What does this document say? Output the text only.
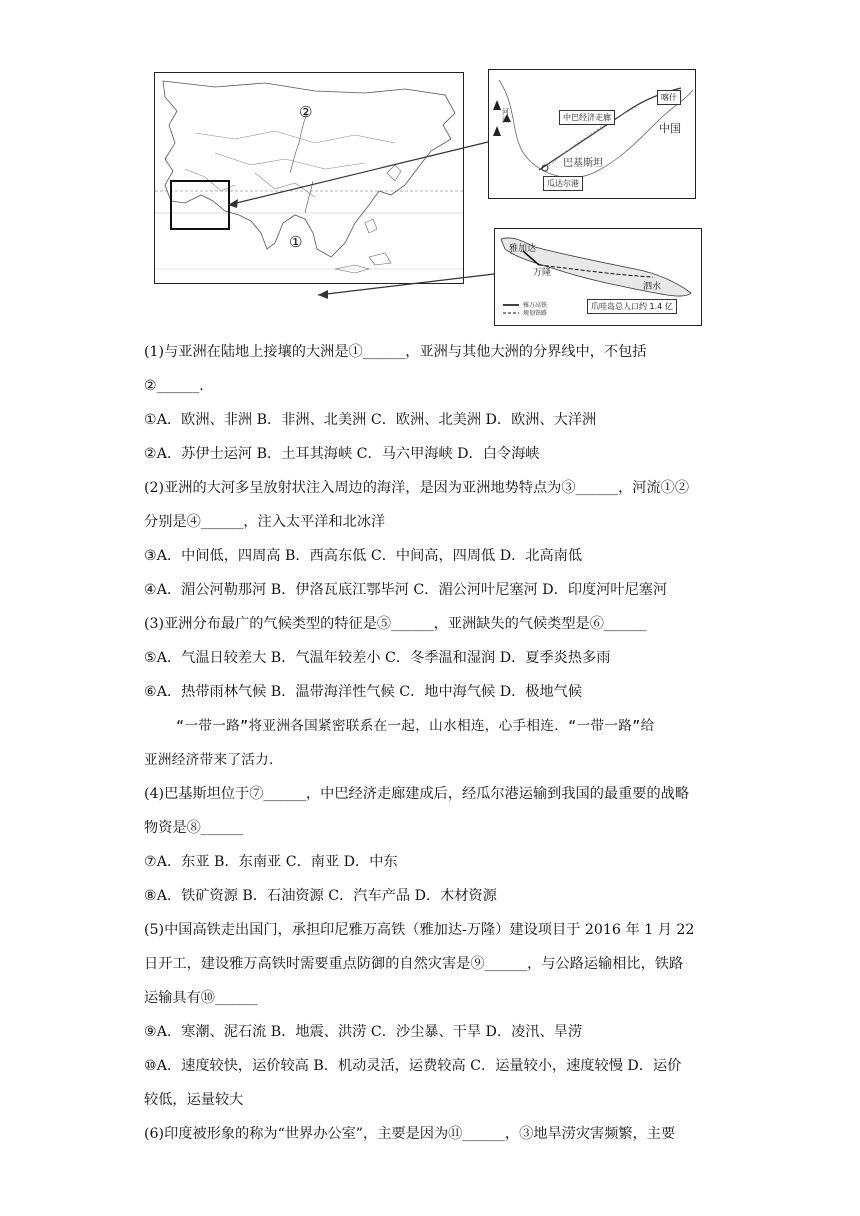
②
①
喀什
中巴经济走廊
中国
巴基斯坦
瓜达尔港
河洲
雅加达
万隆
泗水
雅万高铁
规划铁路
爪哇岛总人口约 1.4 亿
(1)与亚洲在陆地上接壤的大洲是①______，亚洲与其他大洲的分界线中，不包括
②______.
①A．欧洲、非洲 B．非洲、北美洲 C．欧洲、北美洲 D．欧洲、大洋洲
②A．苏伊士运河 B．土耳其海峡 C．马六甲海峡 D．白令海峡
(2)亚洲的大河多呈放射状注入周边的海洋，是因为亚洲地势特点为③______，河流①②
分别是④______，注入太平洋和北冰洋
③A．中间低，四周高 B．西高东低 C．中间高，四周低 D．北高南低
④A．湄公河勒那河 B．伊洛瓦底江鄂毕河 C．湄公河叶尼塞河 D．印度河叶尼塞河
(3)亚洲分布最广的气候类型的特征是⑤______，亚洲缺失的气候类型是⑥______
⑤A．气温日较差大 B．气温年较差小 C．冬季温和湿润 D．夏季炎热多雨
⑥A．热带雨林气候 B．温带海洋性气候 C．地中海气候 D．极地气候
“一带一路”将亚洲各国紧密联系在一起，山水相连，心手相连．“一带一路”给
亚洲经济带来了活力．
(4)巴基斯坦位于⑦______，中巴经济走廊建成后，经瓜尔港运输到我国的最重要的战略
物资是⑧______
⑦A．东亚 B．东南亚 C．南亚 D．中东
⑧A．铁矿资源 B．石油资源 C．汽车产品 D．木材资源
(5)中国高铁走出国门，承担印尼雅万高铁（雅加达-万隆）建设项目于 2016 年 1 月 22
日开工，建设雅万高铁时需要重点防御的自然灾害是⑨______，与公路运输相比，铁路
运输具有⑩______
⑨A．寒潮、泥石流 B．地震、洪涝 C．沙尘暴、干旱 D．凌汛、旱涝
⑩A．速度较快，运价较高 B．机动灵活，运费较高 C．运量较小，速度较慢 D．运价
较低，运量较大
(6)印度被形象的称为“世界办公室”，主要是因为⑪______，③地旱涝灾害频繁，主要
